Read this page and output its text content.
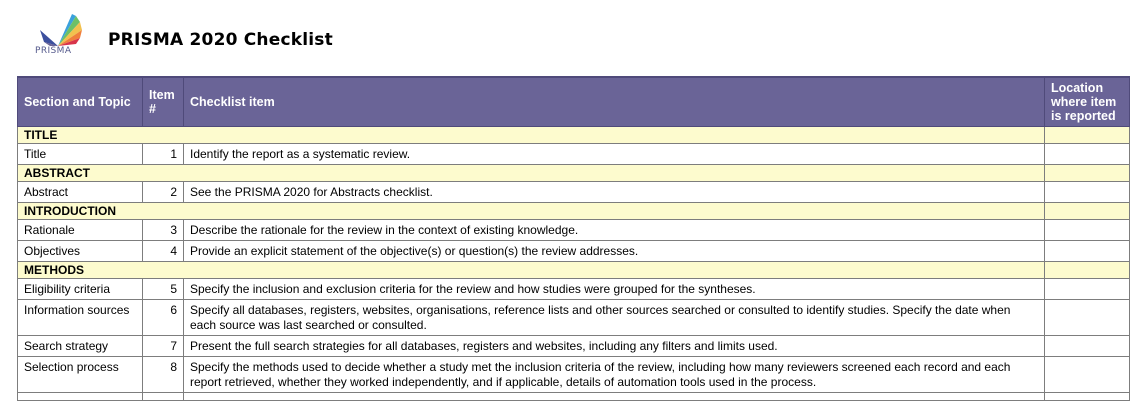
PRISMA
PRISMA 2020 Checklist
Section and Topic	Item #	Checklist item	Location where item is reported
TITLE			
Title	1	Identify the report as a systematic review.	
ABSTRACT			
Abstract	2	See the PRISMA 2020 for Abstracts checklist.	
INTRODUCTION			
Rationale	3	Describe the rationale for the review in the context of existing knowledge.	
Objectives	4	Provide an explicit statement of the objective(s) or question(s) the review addresses.	
METHODS			
Eligibility criteria	5	Specify the inclusion and exclusion criteria for the review and how studies were grouped for the syntheses.	
Information sources	6	Specify all databases, registers, websites, organisations, reference lists and other sources searched or consulted to identify studies. Specify the date when each source was last searched or consulted.	
Search strategy	7	Present the full search strategies for all databases, registers and websites, including any filters and limits used.	
Selection process	8	Specify the methods used to decide whether a study met the inclusion criteria of the review, including how many reviewers screened each record and each report retrieved, whether they worked independently, and if applicable, details of automation tools used in the process.	
